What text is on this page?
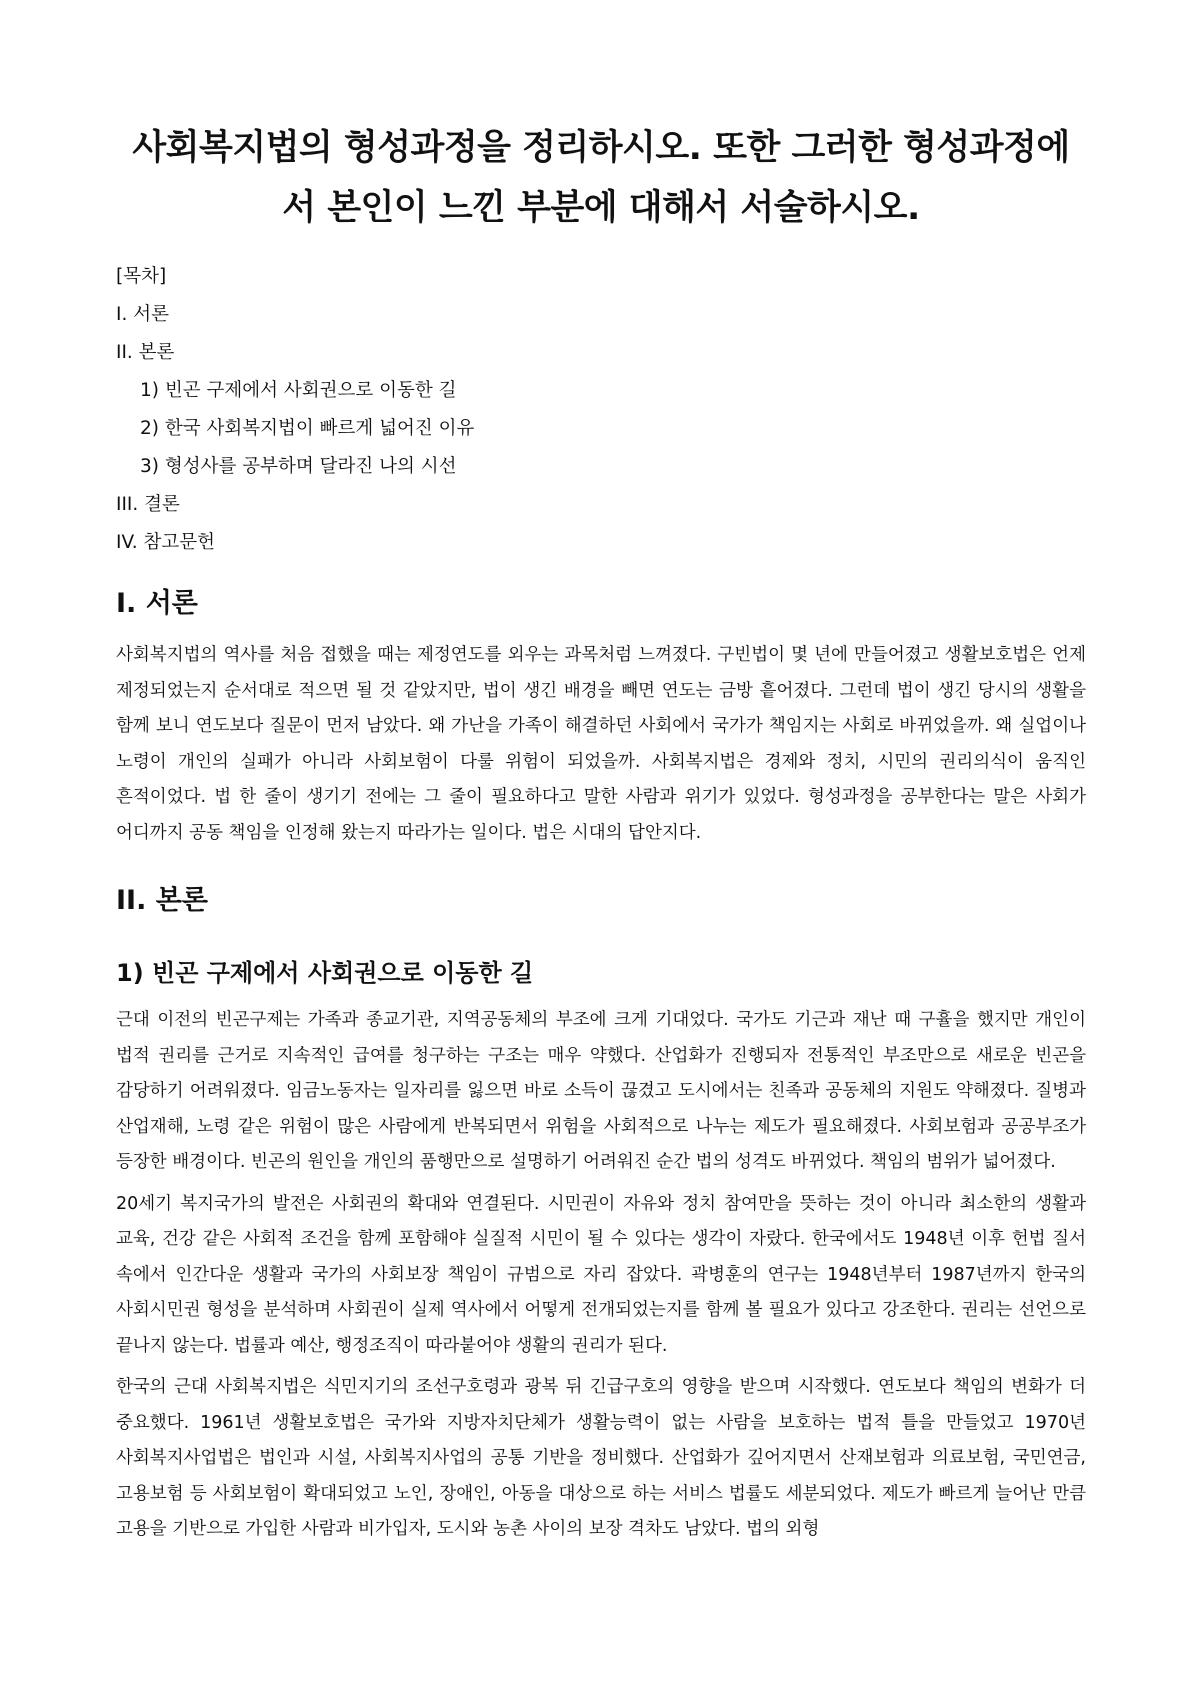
사회복지법의 형성과정을 정리하시오. 또한 그러한 형성과정에 서 본인이 느낀 부분에 대해서 서술하시오.
[목차]
I. 서론
II. 본론
1) 빈곤 구제에서 사회권으로 이동한 길
2) 한국 사회복지법이 빠르게 넓어진 이유
3) 형성사를 공부하며 달라진 나의 시선
III. 결론
IV. 참고문헌
I. 서론

사회복지법의 역사를 처음 접했을 때는 제정연도를 외우는 과목처럼 느껴졌다. 구빈법이 몇 년에 만들어졌고 생활보호법은 언제 제정되었는지 순서대로 적으면 될 것 같았지만, 법이 생긴 배경을 빼면 연도는 금방 흩어졌다. 그런데 법이 생긴 당시의 생활을 함께 보니 연도보다 질문이 먼저 남았다. 왜 가난을 가족이 해결하던 사회에서 국가가 책임지는 사회로 바뀌었을까. 왜 실업이나 노령이 개인의 실패가 아니라 사회보험이 다룰 위험이 되었을까. 사회복지법은 경제와 정치, 시민의 권리의식이 움직인 흔적이었다. 법 한 줄이 생기기 전에는 그 줄이 필요하다고 말한 사람과 위기가 있었다. 형성과정을 공부한다는 말은 사회가 어디까지 공동 책임을 인정해 왔는지 따라가는 일이다. 법은 시대의 답안지다.

II. 본론
1) 빈곤 구제에서 사회권으로 이동한 길

근대 이전의 빈곤구제는 가족과 종교기관, 지역공동체의 부조에 크게 기대었다. 국가도 기근과 재난 때 구휼을 했지만 개인이 법적 권리를 근거로 지속적인 급여를 청구하는 구조는 매우 약했다. 산업화가 진행되자 전통적인 부조만으로 새로운 빈곤을 감당하기 어려워졌다. 임금노동자는 일자리를 잃으면 바로 소득이 끊겼고 도시에서는 친족과 공동체의 지원도 약해졌다. 질병과 산업재해, 노령 같은 위험이 많은 사람에게 반복되면서 위험을 사회적으로 나누는 제도가 필요해졌다. 사회보험과 공공부조가 등장한 배경이다. 빈곤의 원인을 개인의 품행만으로 설명하기 어려워진 순간 법의 성격도 바뀌었다. 책임의 범위가 넓어졌다.

20세기 복지국가의 발전은 사회권의 확대와 연결된다. 시민권이 자유와 정치 참여만을 뜻하는 것이 아니라 최소한의 생활과 교육, 건강 같은 사회적 조건을 함께 포함해야 실질적 시민이 될 수 있다는 생각이 자랐다. 한국에서도 1948년 이후 헌법 질서 속에서 인간다운 생활과 국가의 사회보장 책임이 규범으로 자리 잡았다. 곽병훈의 연구는 1948년부터 1987년까지 한국의 사회시민권 형성을 분석하며 사회권이 실제 역사에서 어떻게 전개되었는지를 함께 볼 필요가 있다고 강조한다. 권리는 선언으로 끝나지 않는다. 법률과 예산, 행정조직이 따라붙어야 생활의 권리가 된다.

한국의 근대 사회복지법은 식민지기의 조선구호령과 광복 뒤 긴급구호의 영향을 받으며 시작했다. 연도보다 책임의 변화가 더 중요했다. 1961년 생활보호법은 국가와 지방자치단체가 생활능력이 없는 사람을 보호하는 법적 틀을 만들었고 1970년 사회복지사업법은 법인과 시설, 사회복지사업의 공통 기반을 정비했다. 산업화가 깊어지면서 산재보험과 의료보험, 국민연금, 고용보험 등 사회보험이 확대되었고 노인, 장애인, 아동을 대상으로 하는 서비스 법률도 세분되었다. 제도가 빠르게 늘어난 만큼 고용을 기반으로 가입한 사람과 비가입자, 도시와 농촌 사이의 보장 격차도 남았다. 법의 외형
